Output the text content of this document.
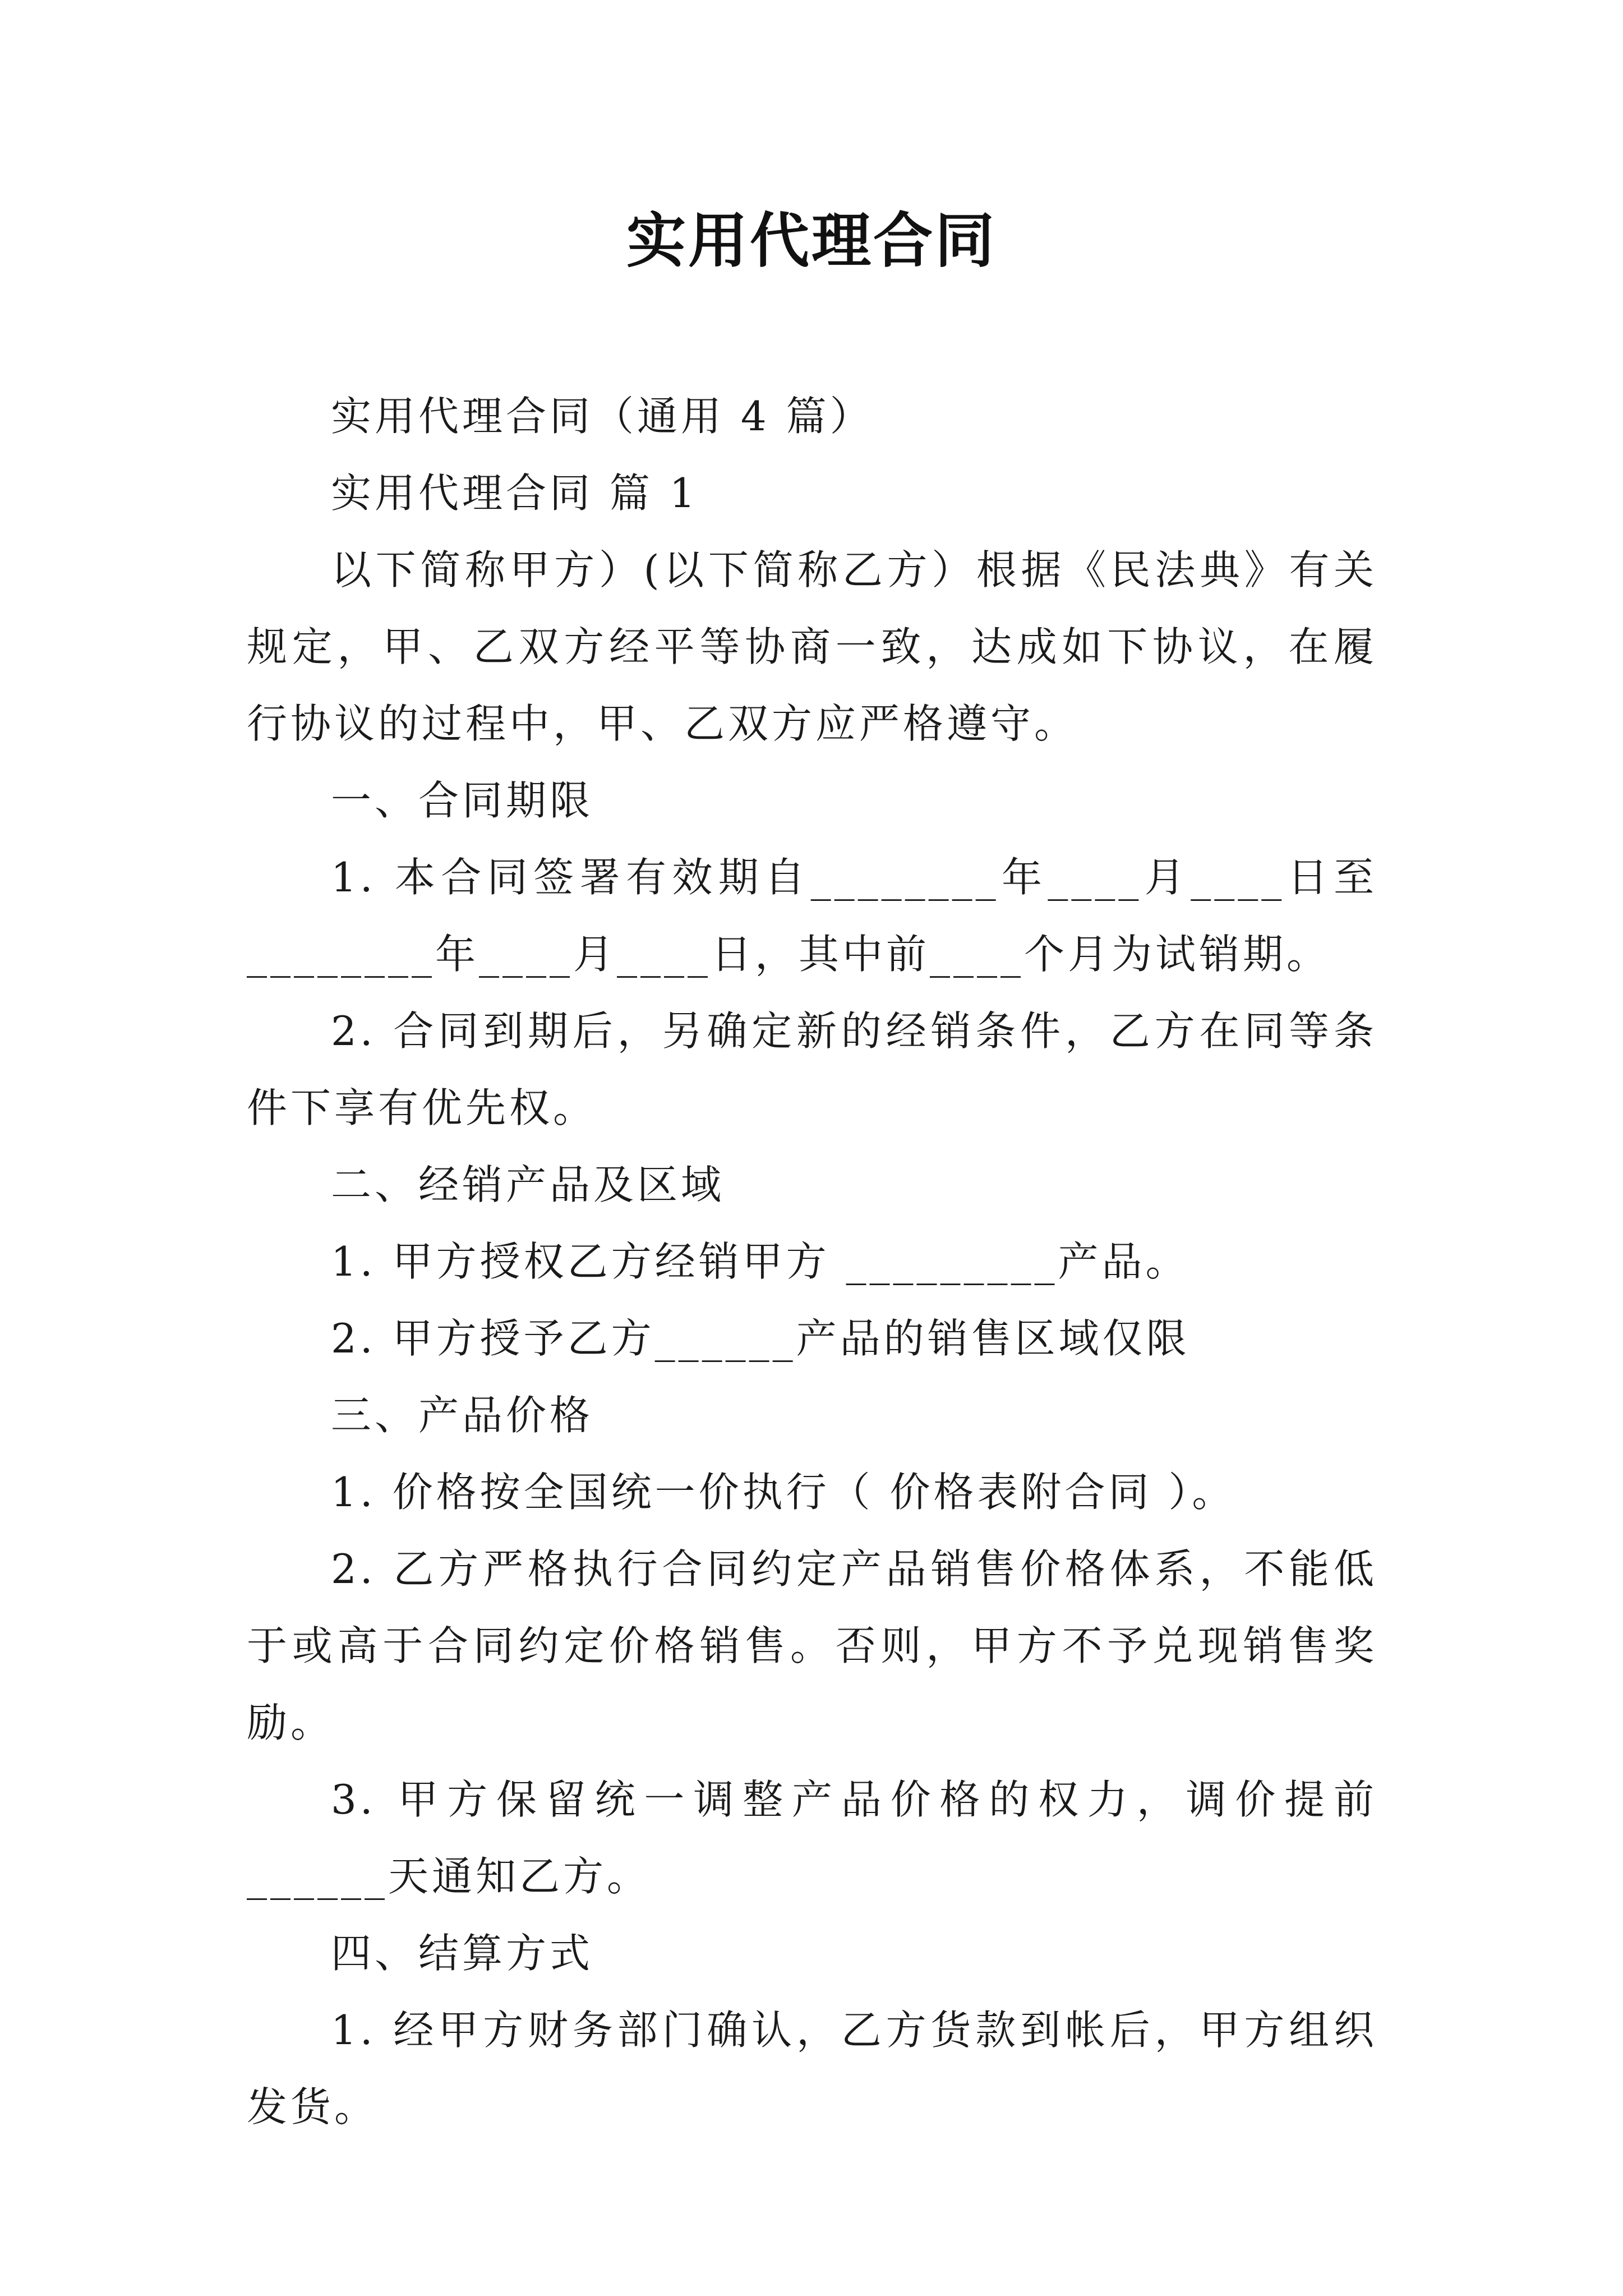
实用代理合同

实用代理合同（通用 4 篇）

实用代理合同 篇 1

以下简称甲方）(以下简称乙方）根据《民法典》有关规定，甲、乙双方经平等协商一致，达成如下协议，在履行协议的过程中，甲、乙双方应严格遵守。

一、合同期限

1. 本合同签署有效期自________年____月____日至________年____月____日，其中前____个月为试销期。

2. 合同到期后，另确定新的经销条件，乙方在同等条件下享有优先权。

二、经销产品及区域

1. 甲方授权乙方经销甲方 _________产品。

2. 甲方授予乙方______产品的销售区域仅限

三、产品价格

1. 价格按全国统一价执行（ 价格表附合同 ）。

2. 乙方严格执行合同约定产品销售价格体系，不能低于或高于合同约定价格销售。否则，甲方不予兑现销售奖励。

3. 甲方保留统一调整产品价格的权力，调价提前______天通知乙方。

四、结算方式

1. 经甲方财务部门确认，乙方货款到帐后，甲方组织发货。
